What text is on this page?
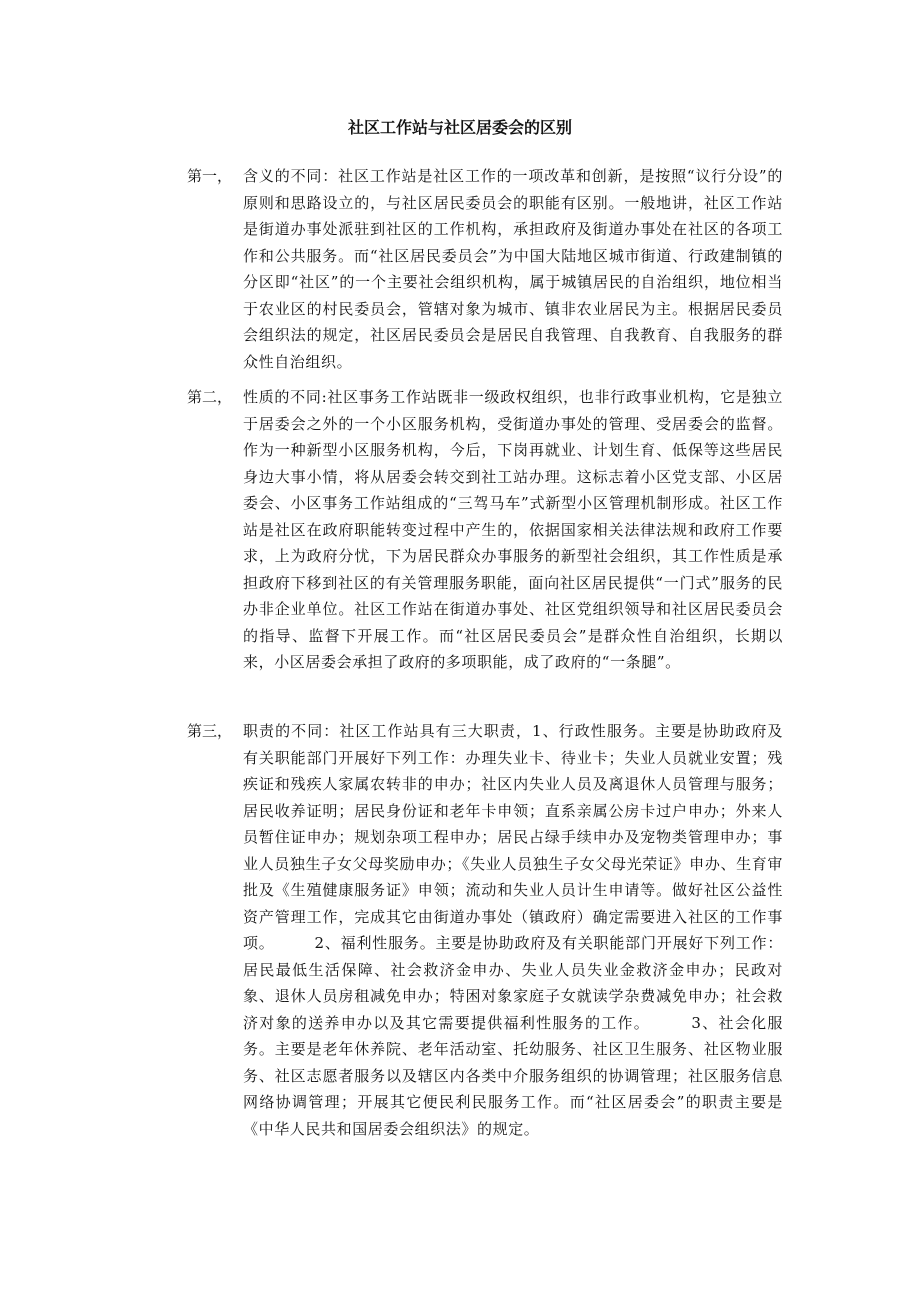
社区工作站与社区居委会的区别
第一， 含义的不同：社区工作站是社区工作的一项改革和创新，是按照“议行分设”的原则和思路设立的，与社区居民委员会的职能有区别。一般地讲，社区工作站是街道办事处派驻到社区的工作机构，承担政府及街道办事处在社区的各项工作和公共服务。而“社区居民委员会”为中国大陆地区城市街道、行政建制镇的分区即“社区”的一个主要社会组织机构，属于城镇居民的自治组织，地位相当于农业区的村民委员会，管辖对象为城市、镇非农业居民为主。根据居民委员会组织法的规定，社区居民委员会是居民自我管理、自我教育、自我服务的群众性自治组织。

第二， 性质的不同:社区事务工作站既非一级政权组织，也非行政事业机构，它是独立于居委会之外的一个小区服务机构，受街道办事处的管理、受居委会的监督。作为一种新型小区服务机构，今后，下岗再就业、计划生育、低保等这些居民身边大事小情，将从居委会转交到社工站办理。这标志着小区党支部、小区居委会、小区事务工作站组成的“三驾马车”式新型小区管理机制形成。社区工作站是社区在政府职能转变过程中产生的，依据国家相关法律法规和政府工作要求，上为政府分忧，下为居民群众办事服务的新型社会组织，其工作性质是承担政府下移到社区的有关管理服务职能，面向社区居民提供“一门式”服务的民办非企业单位。社区工作站在街道办事处、社区党组织领导和社区居民委员会的指导、监督下开展工作。而“社区居民委员会”是群众性自治组织，长期以来，小区居委会承担了政府的多项职能，成了政府的“一条腿”。

第三， 职责的不同：社区工作站具有三大职责，1、行政性服务。主要是协助政府及有关职能部门开展好下列工作：办理失业卡、待业卡；失业人员就业安置；残疾证和残疾人家属农转非的申办；社区内失业人员及离退休人员管理与服务；居民收养证明；居民身份证和老年卡申领；直系亲属公房卡过户申办；外来人员暂住证申办；规划杂项工程申办；居民占绿手续申办及宠物类管理申办；事业人员独生子女父母奖励申办；《失业人员独生子女父母光荣证》申办、生育审批及《生殖健康服务证》申领；流动和失业人员计生申请等。做好社区公益性资产管理工作，完成其它由街道办事处（镇政府）确定需要进入社区的工作事项。　　　2、福利性服务。主要是协助政府及有关职能部门开展好下列工作：居民最低生活保障、社会救济金申办、失业人员失业金救济金申办；民政对象、退休人员房租减免申办；特困对象家庭子女就读学杂费减免申办；社会救济对象的送养申办以及其它需要提供福利性服务的工作。　　　3、社会化服务。主要是老年休养院、老年活动室、托幼服务、社区卫生服务、社区物业服务、社区志愿者服务以及辖区内各类中介服务组织的协调管理；社区服务信息网络协调管理；开展其它便民利民服务工作。而“社区居委会”的职责主要是《中华人民共和国居委会组织法》的规定。
